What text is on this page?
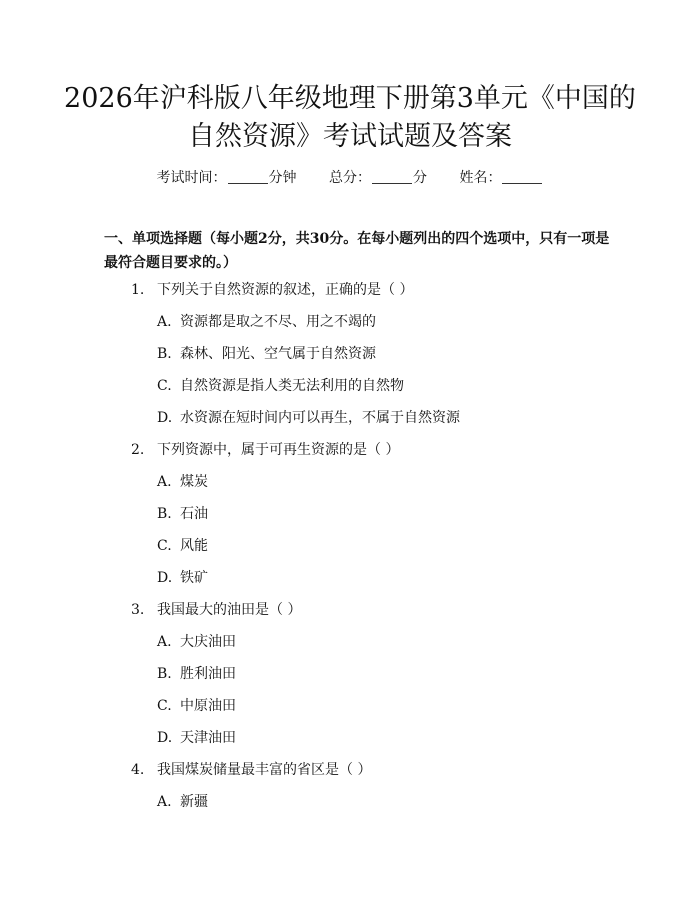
2026年沪科版八年级地理下册第3单元《中国的自然资源》考试试题及答案
考试时间：	分钟 总分：	分 姓名：

一、单项选择题（每小题2分，共30分。在每小题列出的四个选项中，只有一项是最符合题目要求的。）

1. 下列关于自然资源的叙述，正确的是（ ）
A. 资源都是取之不尽、用之不竭的
B. 森林、阳光、空气属于自然资源
C. 自然资源是指人类无法利用的自然物
D. 水资源在短时间内可以再生，不属于自然资源
2. 下列资源中，属于可再生资源的是（ ）
A. 煤炭
B. 石油
C. 风能
D. 铁矿
3. 我国最大的油田是（ ）
A. 大庆油田
B. 胜利油田
C. 中原油田
D. 天津油田
4. 我国煤炭储量最丰富的省区是（ ）
A. 新疆
